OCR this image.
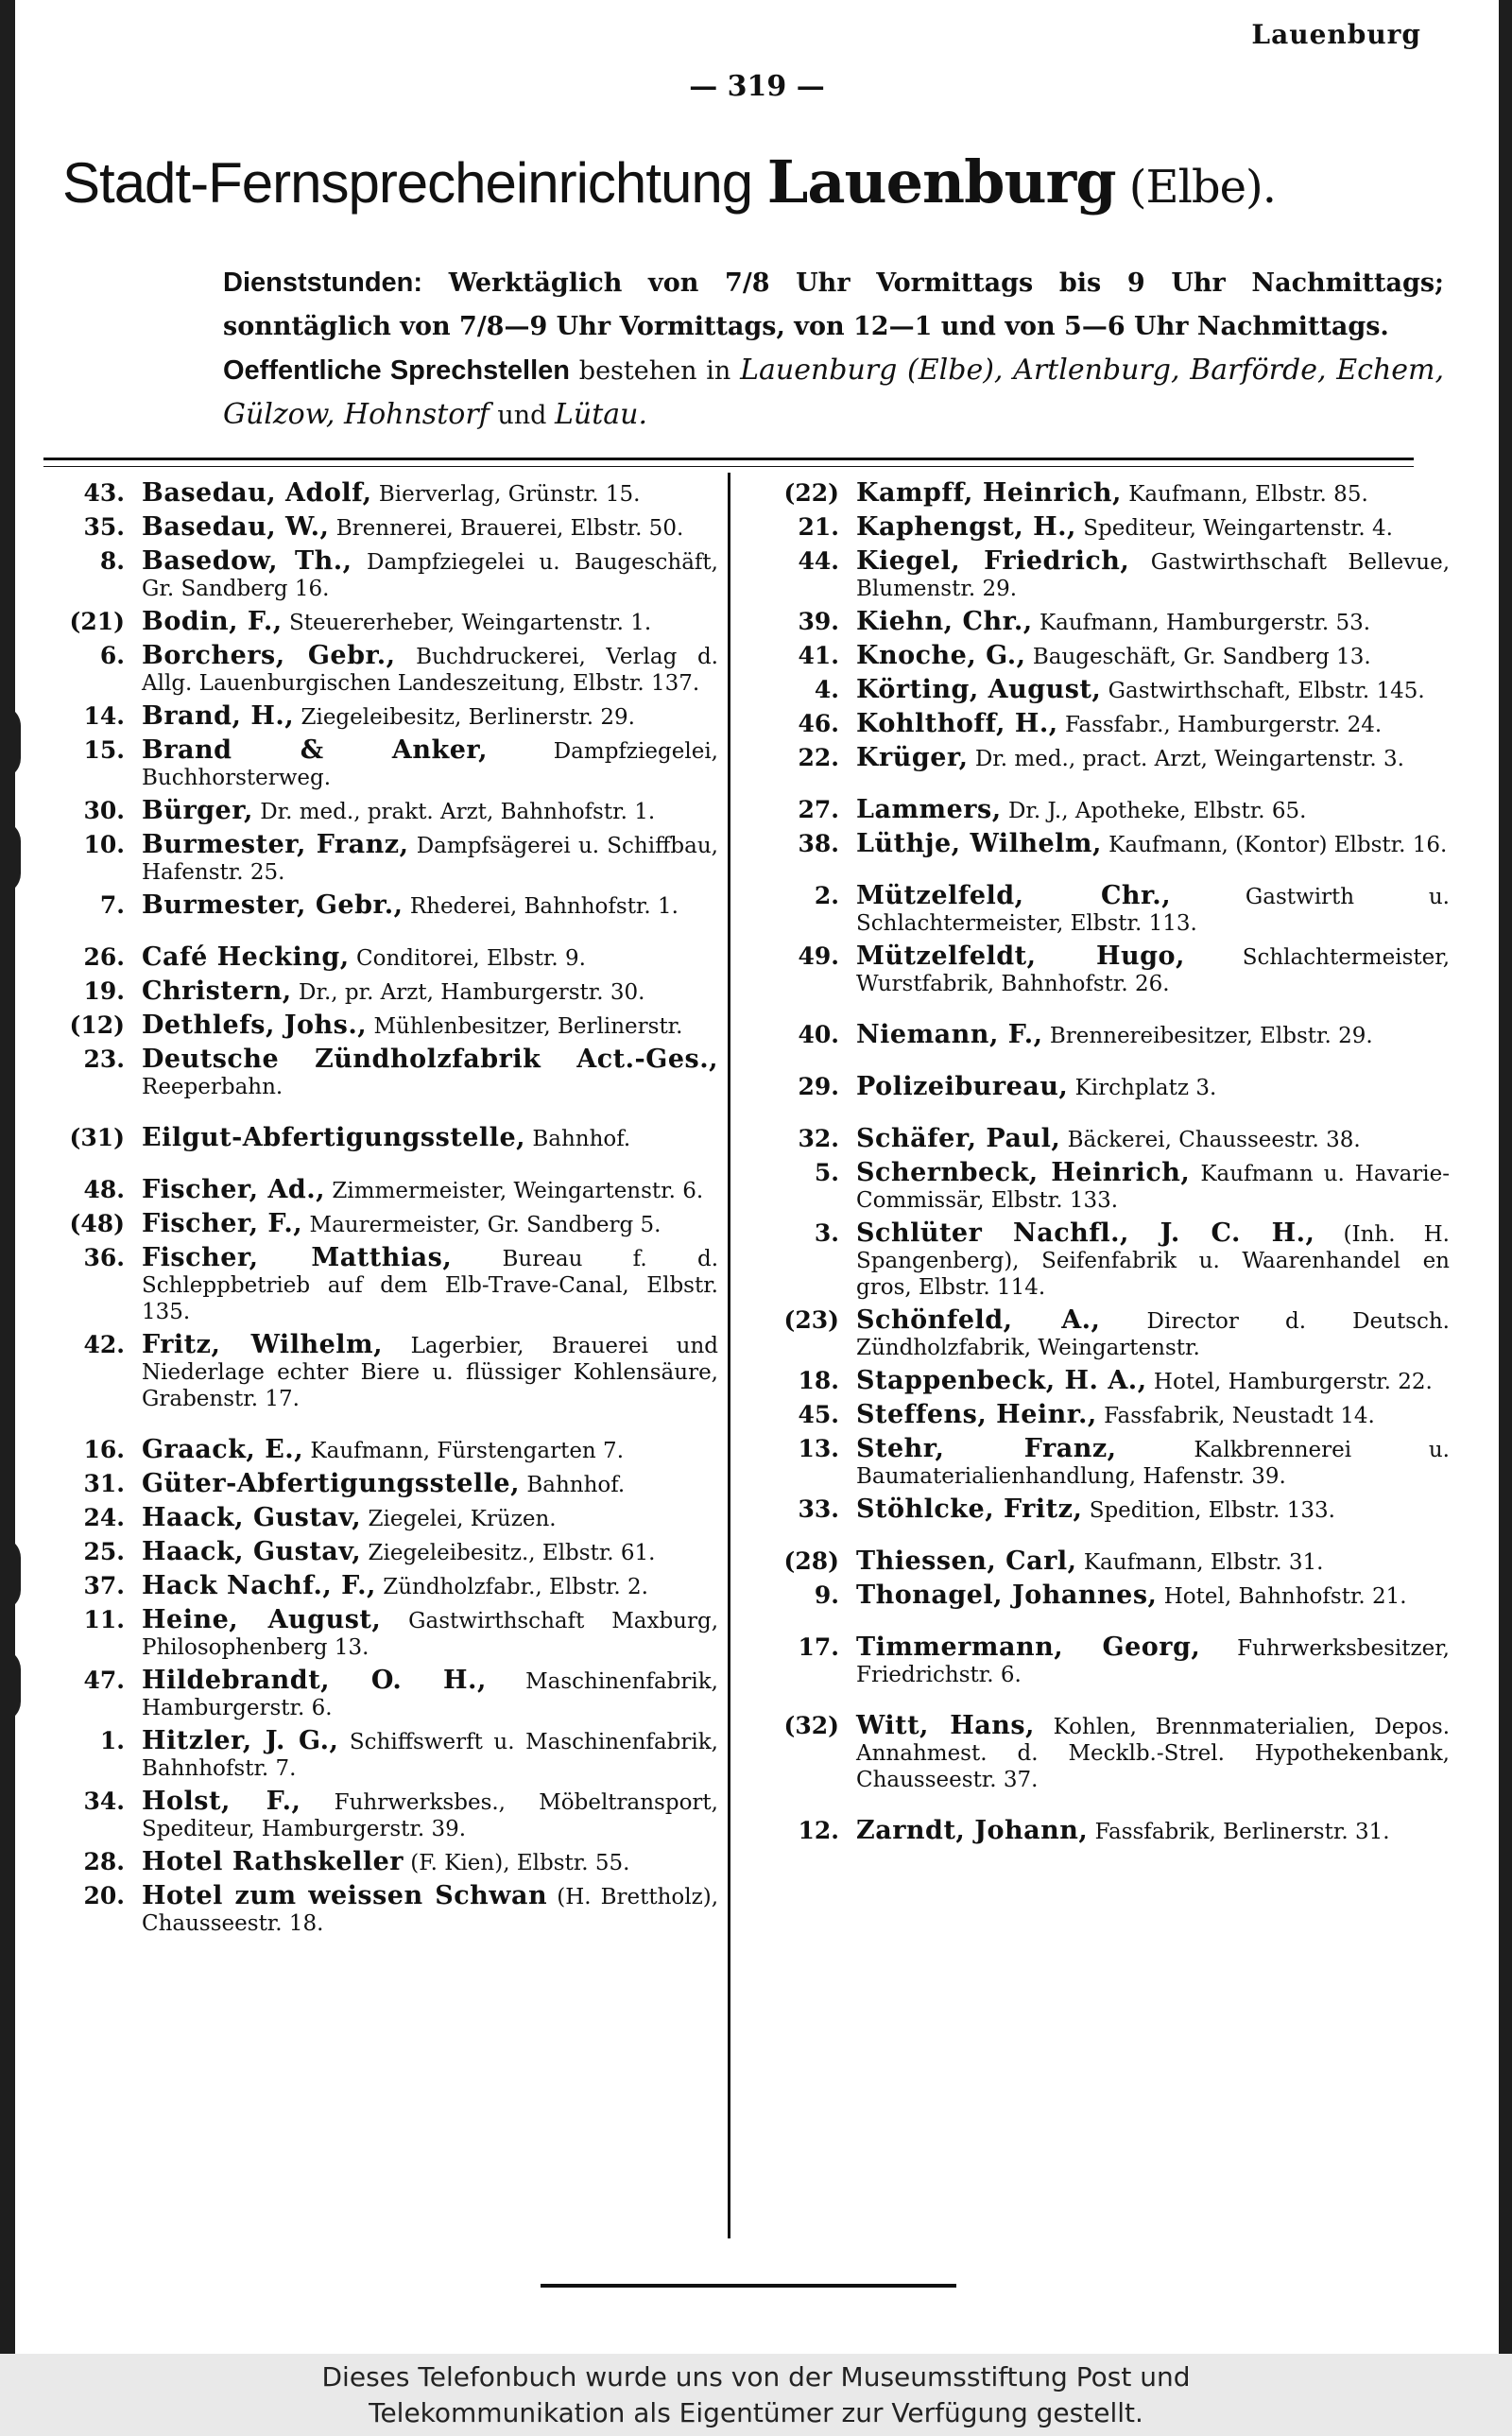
Lauenburg
— 319 —
Stadt-Fernsprecheinrichtung Lauenburg (Elbe).
Dienststunden: Werktäglich von 7/8 Uhr Vormittags bis 9 Uhr Nachmittags; sonntäglich von 7/8—9 Uhr Vormittags, von 12—1 und von 5—6 Uhr Nachmittags.
Oeffentliche Sprechstellen bestehen in Lauenburg (Elbe), Artlenburg, Barförde, Echem, Gülzow, Hohnstorf und Lütau.
43. Basedau, Adolf, Bierverlag, Grünstr. 15.
35. Basedau, W., Brennerei, Brauerei, Elbstr. 50.
8. Basedow, Th., Dampfziegelei u. Baugeschäft, Gr. Sandberg 16.
(21) Bodin, F., Steuererheber, Weingartenstr. 1.
6. Borchers, Gebr., Buchdruckerei, Verlag d. Allg. Lauenburgischen Landeszeitung, Elbstr. 137.
14. Brand, H., Ziegeleibesitz, Berlinerstr. 29.
15. Brand & Anker,	Dampfziegelei, Buchhorsterweg.
30. Bürger, Dr. med., prakt. Arzt, Bahnhofstr. 1.
10. Burmester, Franz, Dampfsägerei u. Schiffbau, Hafenstr. 25.
7. Burmester, Gebr., Rhederei, Bahnhofstr. 1.
26. Café Hecking, Conditorei, Elbstr. 9.
19. Christern, Dr., pr. Arzt, Hamburgerstr. 30.
(12) Dethlefs, Johs., Mühlenbesitzer, Berlinerstr.
23. Deutsche Zündholzfabrik Act.-Ges., Reeperbahn.
(31) Eilgut-Abfertigungsstelle, Bahnhof.
48. Fischer, Ad., Zimmermeister, Weingartenstr. 6.
(48) Fischer, F., Maurermeister, Gr. Sandberg 5.
36. Fischer, Matthias, Bureau f. d. Schleppbetrieb auf dem Elb-Trave-Canal, Elbstr. 135.
42. Fritz, Wilhelm, Lagerbier, Brauerei und Niederlage echter Biere u. flüssiger Kohlensäure, Grabenstr. 17.
16. Graack, E., Kaufmann, Fürstengarten 7.
31. Güter-Abfertigungsstelle, Bahnhof.
24. Haack, Gustav, Ziegelei, Krüzen.
25. Haack, Gustav, Ziegeleibesitz., Elbstr. 61.
37. Hack Nachf., F., Zündholzfabr., Elbstr. 2.
11. Heine, August, Gastwirthschaft Maxburg, Philosophenberg 13.
47. Hildebrandt, O. H., Maschinenfabrik, Hamburgerstr. 6.
1. Hitzler, J. G., Schiffswerft u. Maschinenfabrik, Bahnhofstr. 7.
34. Holst, F., Fuhrwerksbes., Möbeltransport, Spediteur, Hamburgerstr. 39.
28. Hotel Rathskeller (F. Kien), Elbstr. 55.
20. Hotel zum weissen Schwan (H. Brettholz), Chausseestr. 18.
(22) Kampff, Heinrich, Kaufmann, Elbstr. 85.
21. Kaphengst, H., Spediteur, Weingartenstr. 4.
44. Kiegel, Friedrich, Gastwirthschaft Bellevue, Blumenstr. 29.
39. Kiehn, Chr., Kaufmann, Hamburgerstr. 53.
41. Knoche, G., Baugeschäft, Gr. Sandberg 13.
4. Körting, August, Gastwirthschaft, Elbstr. 145.
46. Kohlthoff, H., Fassfabr., Hamburgerstr. 24.
22. Krüger, Dr. med., pract. Arzt, Weingartenstr. 3.
27. Lammers, Dr. J., Apotheke, Elbstr. 65.
38. Lüthje, Wilhelm, Kaufmann, (Kontor) Elbstr. 16.
2. Mützelfeld, Chr.,	Gastwirth u. Schlachtermeister, Elbstr. 113.
49. Mützelfeldt, Hugo,	Schlachtermeister, Wurstfabrik, Bahnhofstr. 26.
40. Niemann, F., Brennereibesitzer, Elbstr. 29.
29. Polizeibureau, Kirchplatz 3.
32. Schäfer, Paul, Bäckerei, Chausseestr. 38.
5. Schernbeck, Heinrich, Kaufmann u. Havarie-Commissär, Elbstr. 133.
3. Schlüter Nachfl., J. C. H., (Inh. H. Spangenberg), Seifenfabrik u. Waarenhandel en gros, Elbstr. 114.
(23) Schönfeld, A., Director d. Deutsch. Zündholzfabrik, Weingartenstr.
18. Stappenbeck, H. A., Hotel, Hamburgerstr. 22.
45. Steffens, Heinr., Fassfabrik, Neustadt 14.
13. Stehr, Franz,	Kalkbrennerei u. Baumaterialienhandlung, Hafenstr. 39.
33. Stöhlcke, Fritz, Spedition, Elbstr. 133.
(28) Thiessen, Carl, Kaufmann, Elbstr. 31.
9. Thonagel, Johannes, Hotel, Bahnhofstr. 21.
17. Timmermann, Georg, Fuhrwerksbesitzer, Friedrichstr. 6.
(32) Witt, Hans, Kohlen, Brennmaterialien, Depos. Annahmest. d. Mecklb.-Strel. Hypothekenbank, Chausseestr. 37.
12. Zarndt, Johann, Fassfabrik, Berlinerstr. 31.
Dieses Telefonbuch wurde uns von der Museumsstiftung Post und
Telekommunikation als Eigentümer zur Verfügung gestellt.
